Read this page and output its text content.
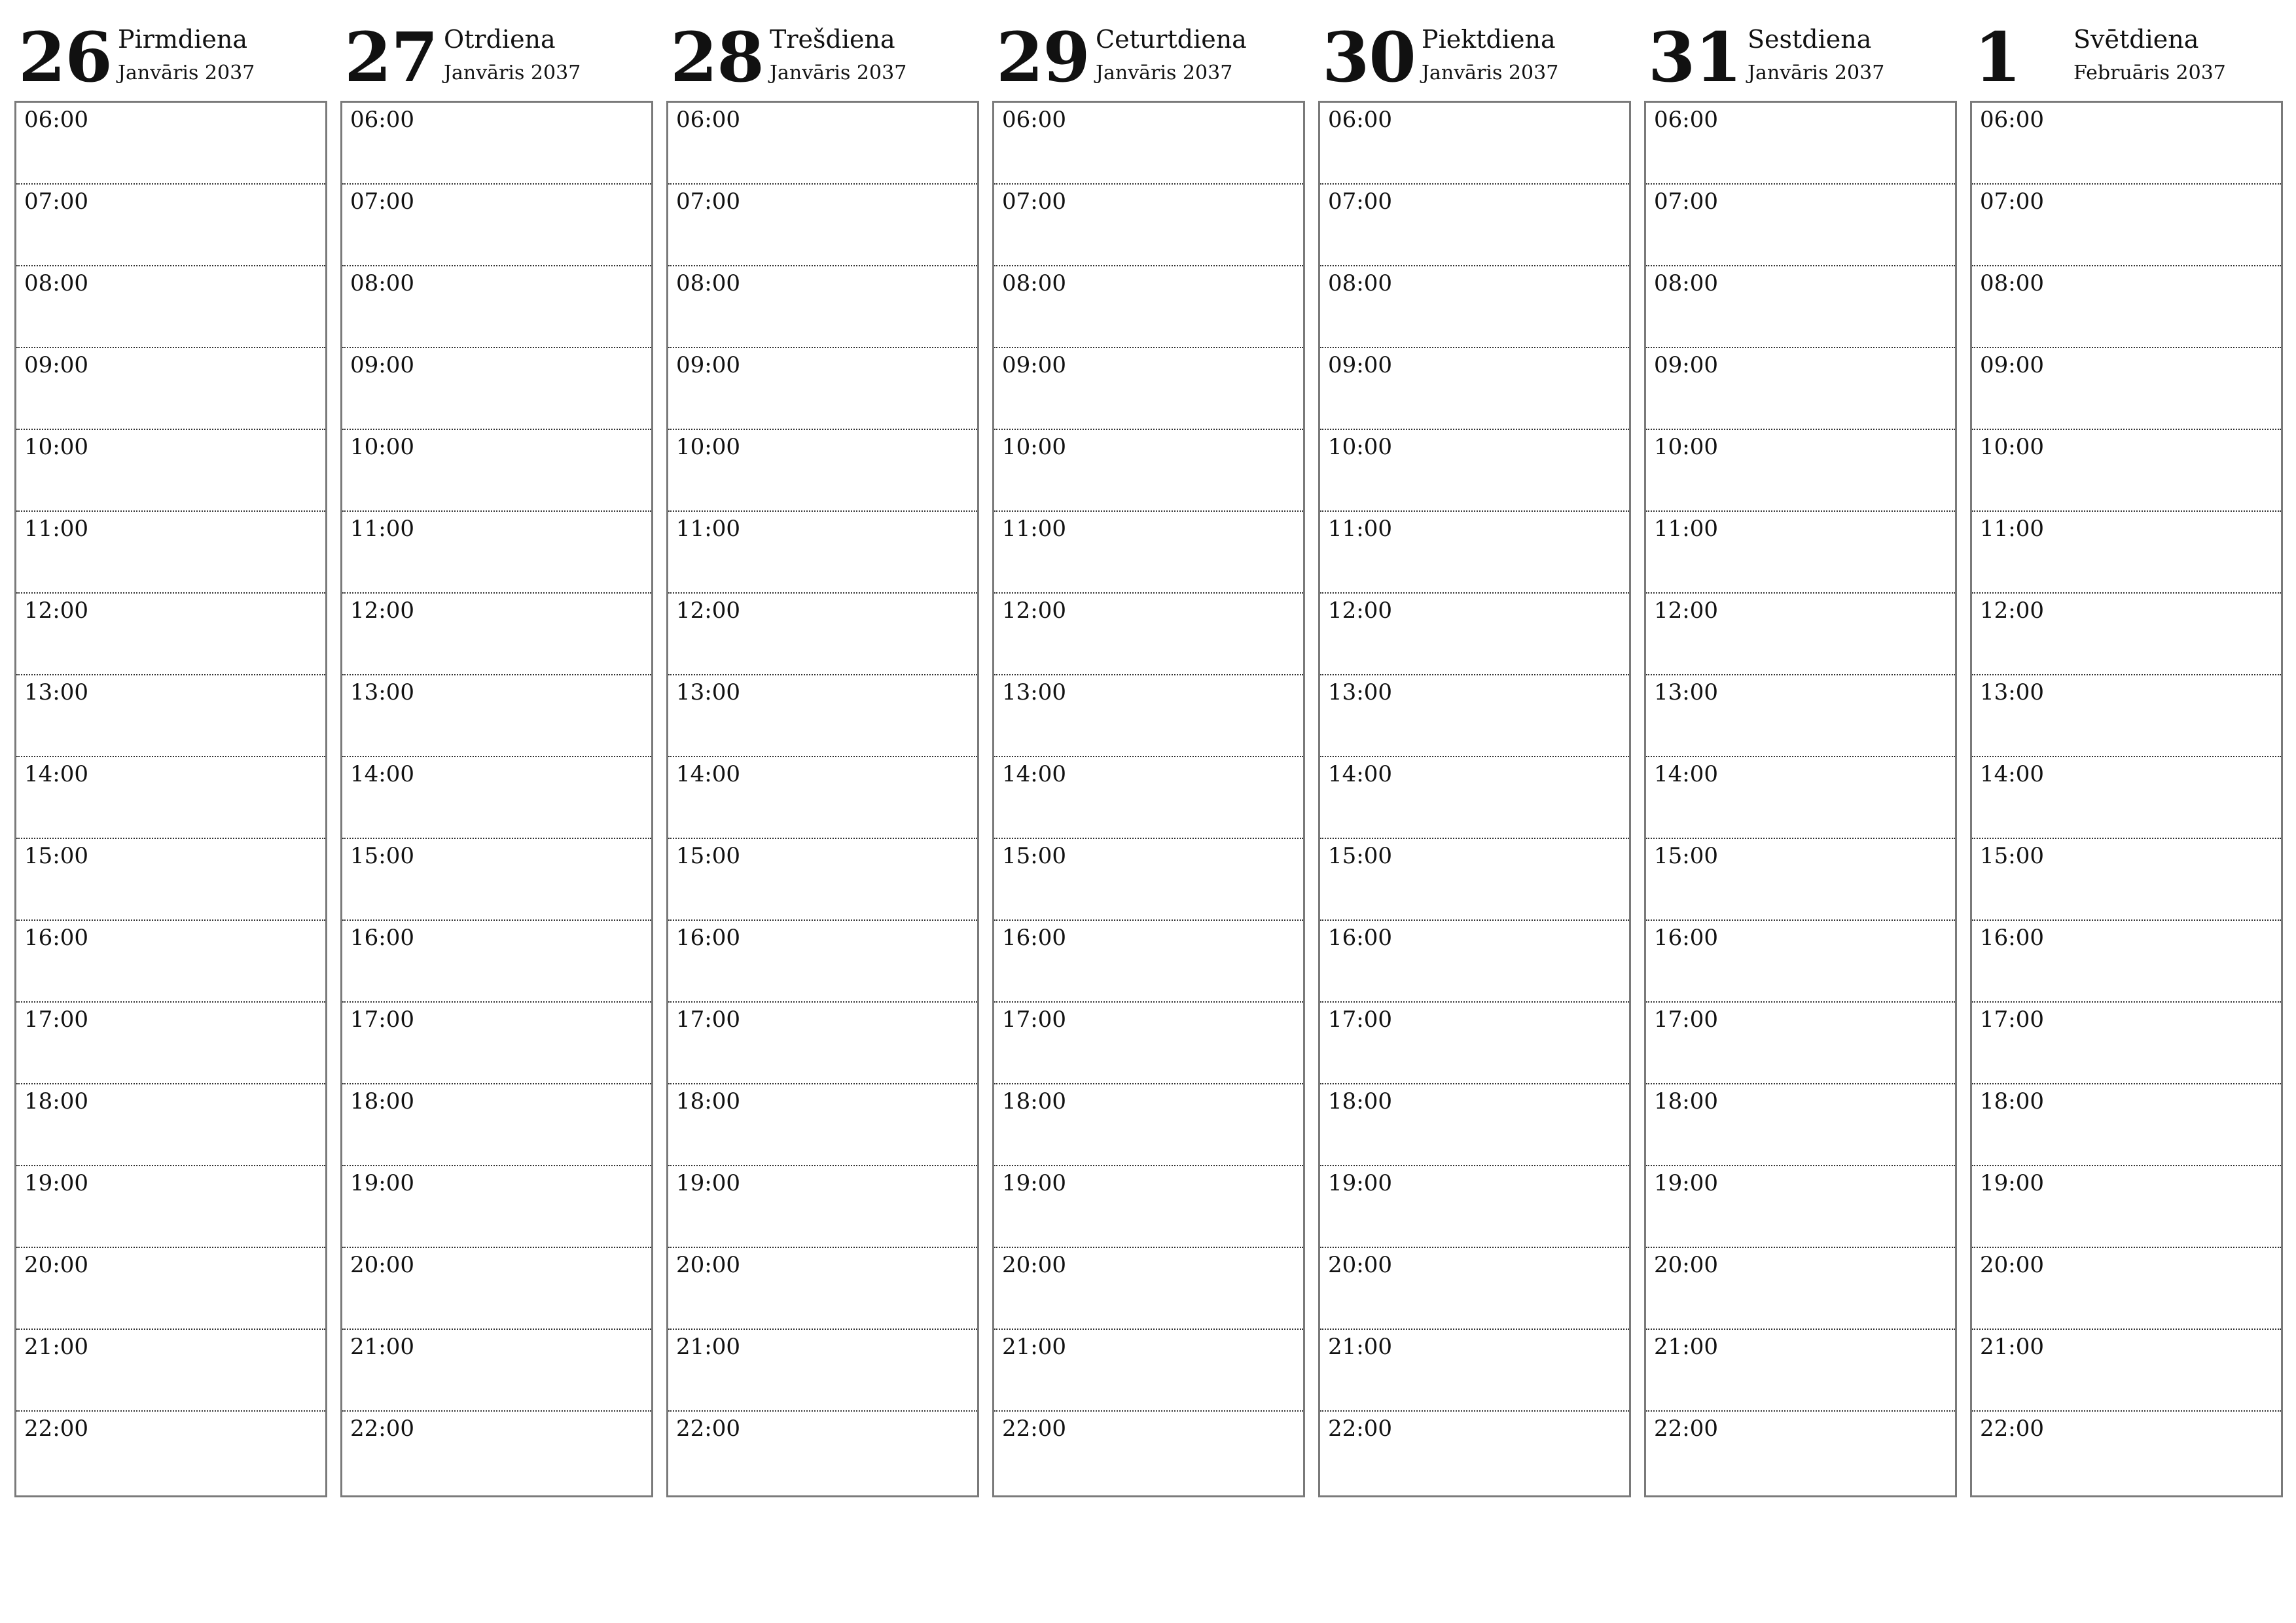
26 Pirmdiena
Janvāris 2037
06:00
07:00
08:00
09:00
10:00
11:00
12:00
13:00
14:00
15:00
16:00
17:00
18:00
19:00
20:00
21:00
22:00
27 Otrdiena
Janvāris 2037
06:00
07:00
08:00
09:00
10:00
11:00
12:00
13:00
14:00
15:00
16:00
17:00
18:00
19:00
20:00
21:00
22:00
28 Trešdiena
Janvāris 2037
06:00
07:00
08:00
09:00
10:00
11:00
12:00
13:00
14:00
15:00
16:00
17:00
18:00
19:00
20:00
21:00
22:00
29 Ceturtdiena
Janvāris 2037
06:00
07:00
08:00
09:00
10:00
11:00
12:00
13:00
14:00
15:00
16:00
17:00
18:00
19:00
20:00
21:00
22:00
30 Piektdiena
Janvāris 2037
06:00
07:00
08:00
09:00
10:00
11:00
12:00
13:00
14:00
15:00
16:00
17:00
18:00
19:00
20:00
21:00
22:00
31 Sestdiena
Janvāris 2037
06:00
07:00
08:00
09:00
10:00
11:00
12:00
13:00
14:00
15:00
16:00
17:00
18:00
19:00
20:00
21:00
22:00
1 Svētdiena
Februāris 2037
06:00
07:00
08:00
09:00
10:00
11:00
12:00
13:00
14:00
15:00
16:00
17:00
18:00
19:00
20:00
21:00
22:00
